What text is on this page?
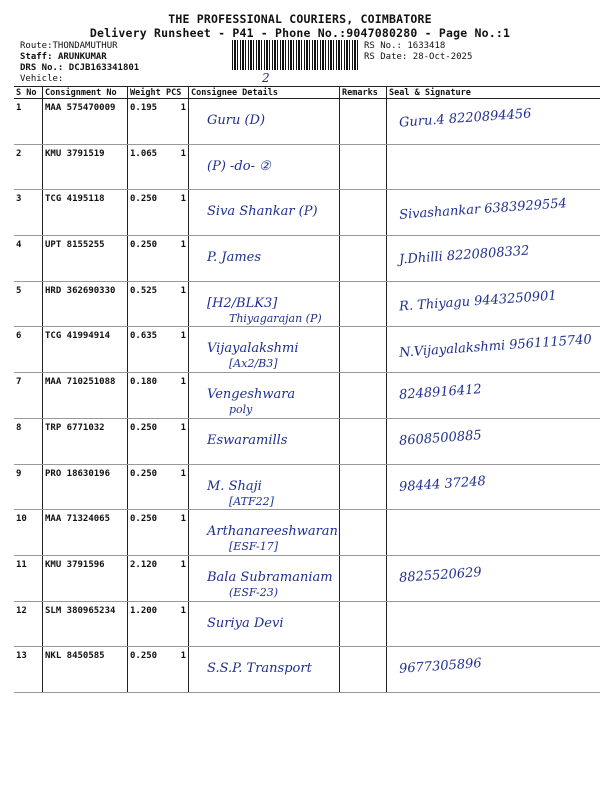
THE PROFESSIONAL COURIERS, COIMBATORE
Delivery Runsheet - P41 - Phone No.:9047080280 - Page No.:1
Route:THONDAMUTHUR
Staff: ARUNKUMAR
DRS No.: DCJB163341801
Vehicle:
RS No.: 1633418
RS Date: 28-Oct-2025
2
S No	Consignment No	Weight	PCS	Consignee Details	Remarks	Seal & Signature
1	MAA 575470009	0.195	1	Guru (D)		Guru.4 8220894456

2	KMU 3791519	1.065	1	(P) -do- ②		

3	TCG 4195118	0.250	1	Siva Shankar (P)		Sivashankar 6383929554

4	UPT 8155255	0.250	1	P. James		J.Dhilli 8220808332

5	HRD 362690330	0.525	1	[H2/BLK3]
Thiyagarajan (P)		R. Thiyagu 9443250901

6	TCG 41994914	0.635	1	Vijayalakshmi
[Ax2/B3]		N.Vijayalakshmi 9561115740

7	MAA 710251088	0.180	1	Vengeshwara
poly		8248916412

8	TRP 6771032	0.250	1	Eswaramills		8608500885

9	PRO 18630196	0.250	1	M. Shaji
[ATF22]		98444 37248

10	MAA 71324065	0.250	1	Arthanareeshwaran
[ESF-17]		

11	KMU 3791596	2.120	1	Bala Subramaniam
(ESF-23)		8825520629

12	SLM 380965234	1.200	1	Suriya Devi		

13	NKL 8450585	0.250	1	S.S.P. Transport		9677305896
